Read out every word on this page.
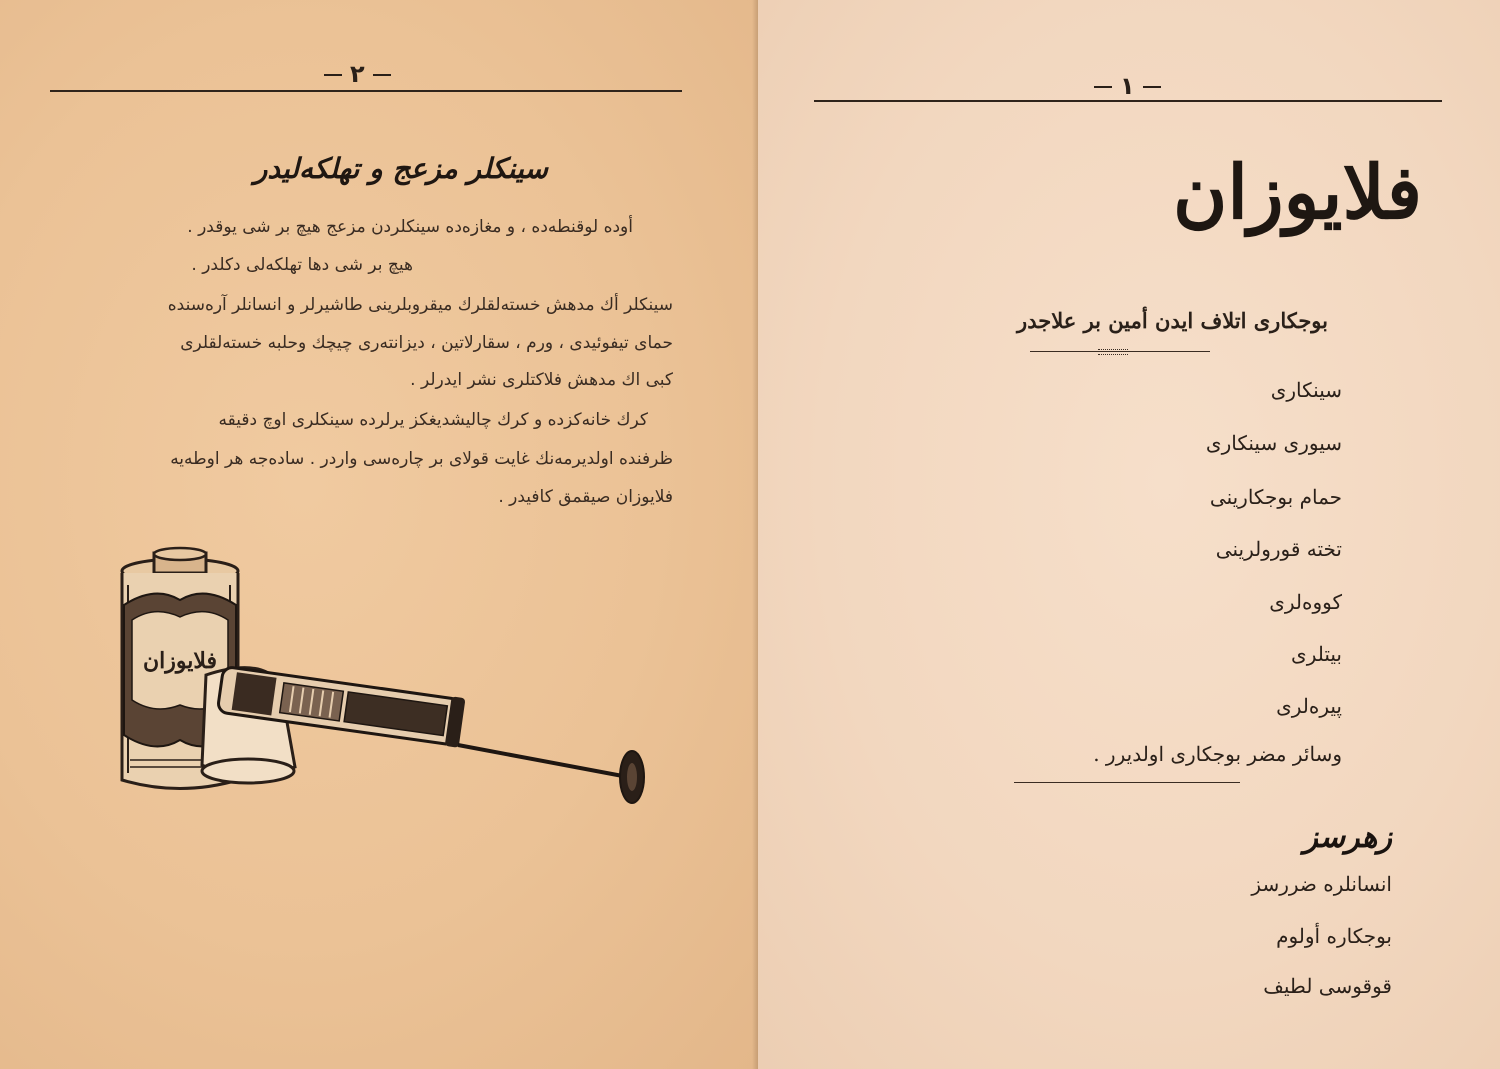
٢
سینکلر مزعج و تهلکه‌لیدر
أوده لوقنطه‌ده ، و مغازه‌ده سینکلردن مزعج هیچ بر شی یوقدر .
هیچ بر شی دها تهلکه‌لی دکلدر .
سینکلر أك مدهش خسته‌لقلرك میقروبلرینی طاشیرلر و انسانلر آره‌سنده
حمای تیفوئیدی ، ورم ، سقارلاتین ، دیزانته‌ری چیچك وحلبه خسته‌لقلری
کبی اك مدهش فلاکتلری نشر ایدرلر .
کرك خانه‌کزده و کرك چالیشدیغکز یرلرده سینکلری اوچ دقیقه
ظرفنده اولدیرمه‌نك غایت قولای بر چاره‌سی واردر . ساده‌جه هر اوطه‌یه
فلایوزان صیقمق کافیدر .
فلایوزان
١
فلایوزان
بوجکاری اتلاف ایدن أمین بر علاجدر
سینکاری
سیوری سینکاری
حمام بوجکارینی
تخته قورولرینی
کووه‌لری
بیتلری
پیره‌لری
وسائر مضر بوجکاری اولدیرر .
زهرسز
انسانلره ضررسز
بوجکاره أولوم
قوقوسی لطیف
